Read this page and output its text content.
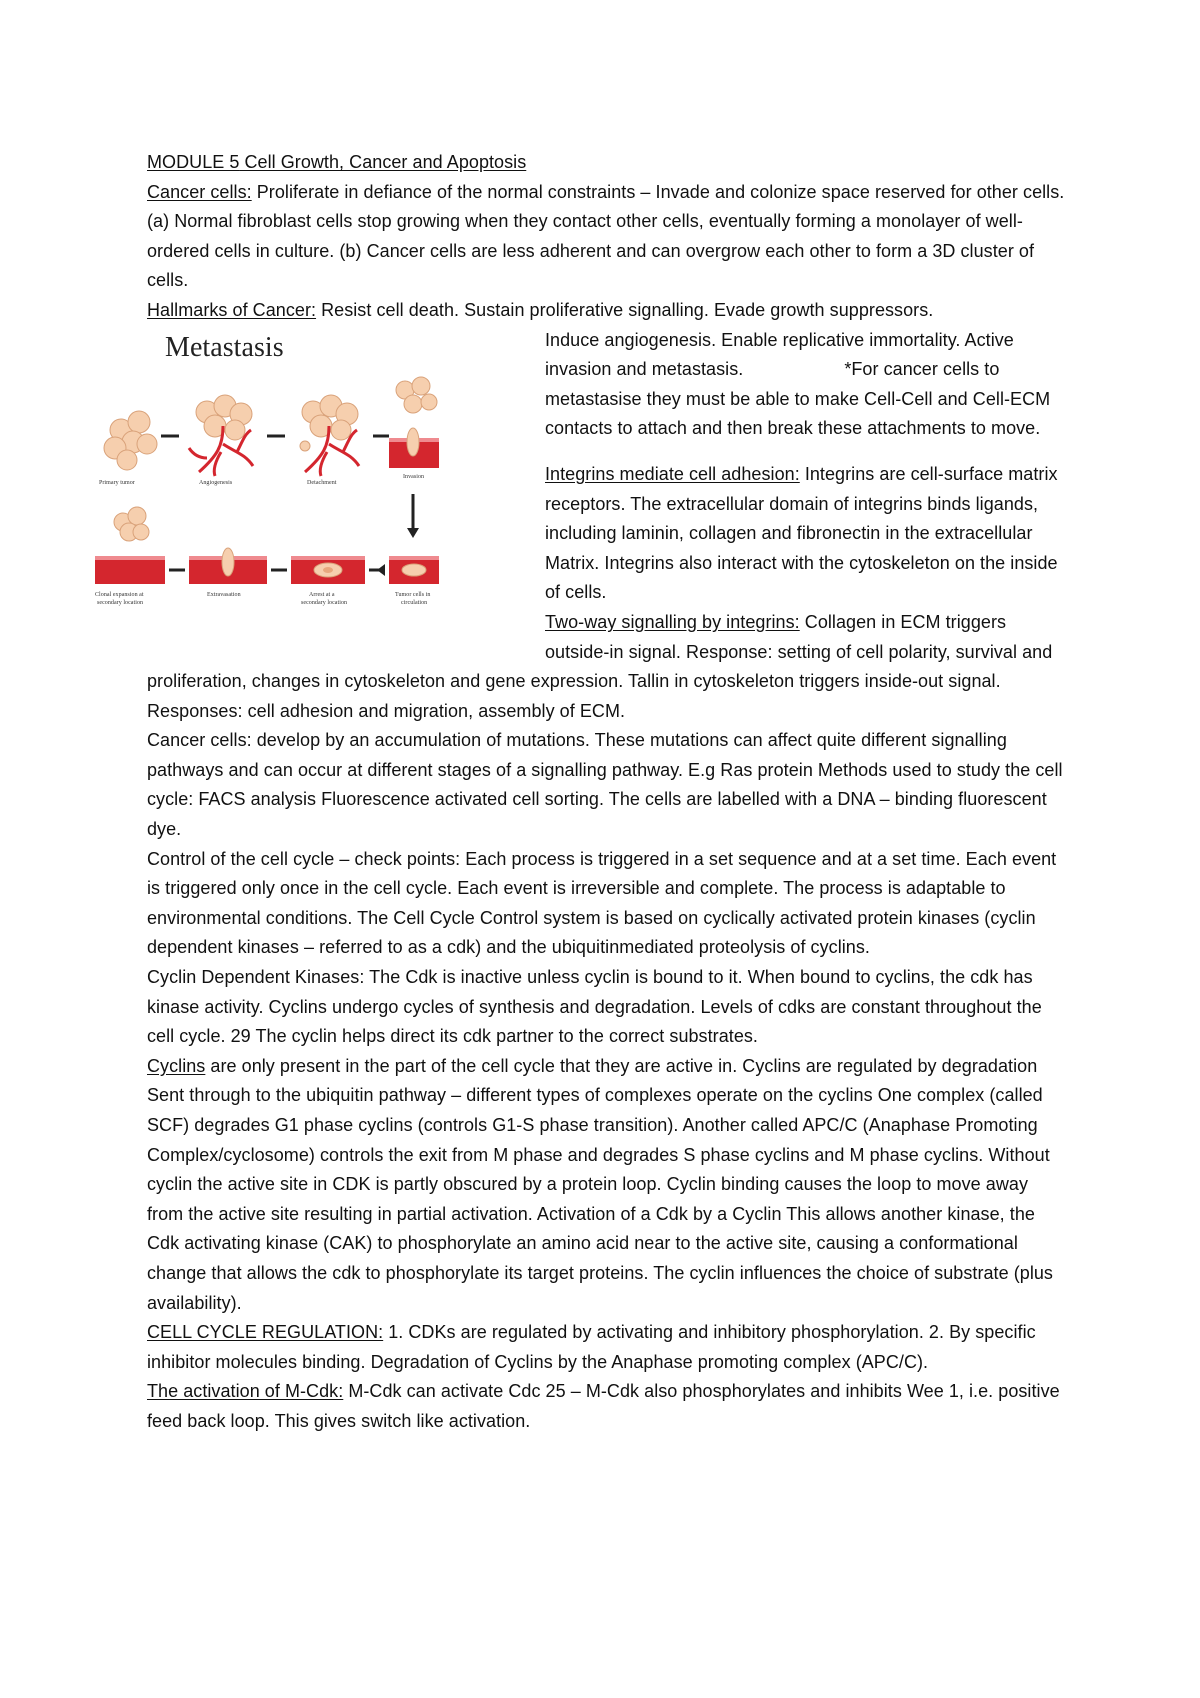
MODULE 5 Cell Growth, Cancer and Apoptosis

Cancer cells: Proliferate in defiance of the normal constraints – Invade and colonize space reserved for other cells. (a) Normal fibroblast cells stop growing when they contact other cells, eventually forming a monolayer of well-ordered cells in culture. (b) Cancer cells are less adherent and can overgrow each other to form a 3D cluster of cells.

Hallmarks of Cancer: Resist cell death. Sustain proliferative signalling. Evade growth suppressors.

Metastasis
Primary tumor	Angiogenesis	Detachment
Invasion
Clonal expansion at
secondary location
Extravasation	Arrest at a
secondary location
Tumor cells in
circulation

Induce angiogenesis. Enable replicative immortality. Active invasion and metastasis.                    *For cancer cells to metastasise they must be able to make Cell-Cell and Cell-ECM contacts to attach and then break these attachments to move.

Integrins mediate cell adhesion: Integrins are cell-surface matrix receptors. The extracellular domain of integrins binds ligands, including laminin, collagen and fibronectin in the extracellular Matrix. Integrins also interact with the cytoskeleton on the inside of cells.

Two-way signalling by integrins: Collagen in ECM triggers outside-in signal. Response: setting of cell polarity, survival and proliferation, changes in cytoskeleton and gene expression. Tallin in cytoskeleton triggers inside-out signal. Responses: cell adhesion and migration, assembly of ECM.

Cancer cells: develop by an accumulation of mutations. These mutations can affect quite different signalling pathways and can occur at different stages of a signalling pathway. E.g Ras protein Methods used to study the cell cycle: FACS analysis Fluorescence activated cell sorting. The cells are labelled with a DNA – binding fluorescent dye.

Control of the cell cycle – check points: Each process is triggered in a set sequence and at a set time. Each event is triggered only once in the cell cycle. Each event is irreversible and complete. The process is adaptable to environmental conditions. The Cell Cycle Control system is based on cyclically activated protein kinases (cyclin dependent kinases – referred to as a cdk) and the ubiquitinmediated proteolysis of cyclins.

Cyclin Dependent Kinases: The Cdk is inactive unless cyclin is bound to it. When bound to cyclins, the cdk has kinase activity. Cyclins undergo cycles of synthesis and degradation. Levels of cdks are constant throughout the cell cycle. 29 The cyclin helps direct its cdk partner to the correct substrates.

Cyclins are only present in the part of the cell cycle that they are active in. Cyclins are regulated by degradation Sent through to the ubiquitin pathway – different types of complexes operate on the cyclins One complex (called SCF) degrades G1 phase cyclins (controls G1-S phase transition). Another called APC/C (Anaphase Promoting Complex/cyclosome) controls the exit from M phase and degrades S phase cyclins and M phase cyclins. Without cyclin the active site in CDK is partly obscured by a protein loop. Cyclin binding causes the loop to move away from the active site resulting in partial activation. Activation of a Cdk by a Cyclin This allows another kinase, the Cdk activating kinase (CAK) to phosphorylate an amino acid near to the active site, causing a conformational change that allows the cdk to phosphorylate its target proteins. The cyclin influences the choice of substrate (plus availability).

CELL CYCLE REGULATION: 1. CDKs are regulated by activating and inhibitory phosphorylation. 2. By specific inhibitor molecules binding. Degradation of Cyclins by the Anaphase promoting complex (APC/C).

The activation of M-Cdk: M-Cdk can activate Cdc 25 – M-Cdk also phosphorylates and inhibits Wee 1, i.e. positive feed back loop. This gives switch like activation.
